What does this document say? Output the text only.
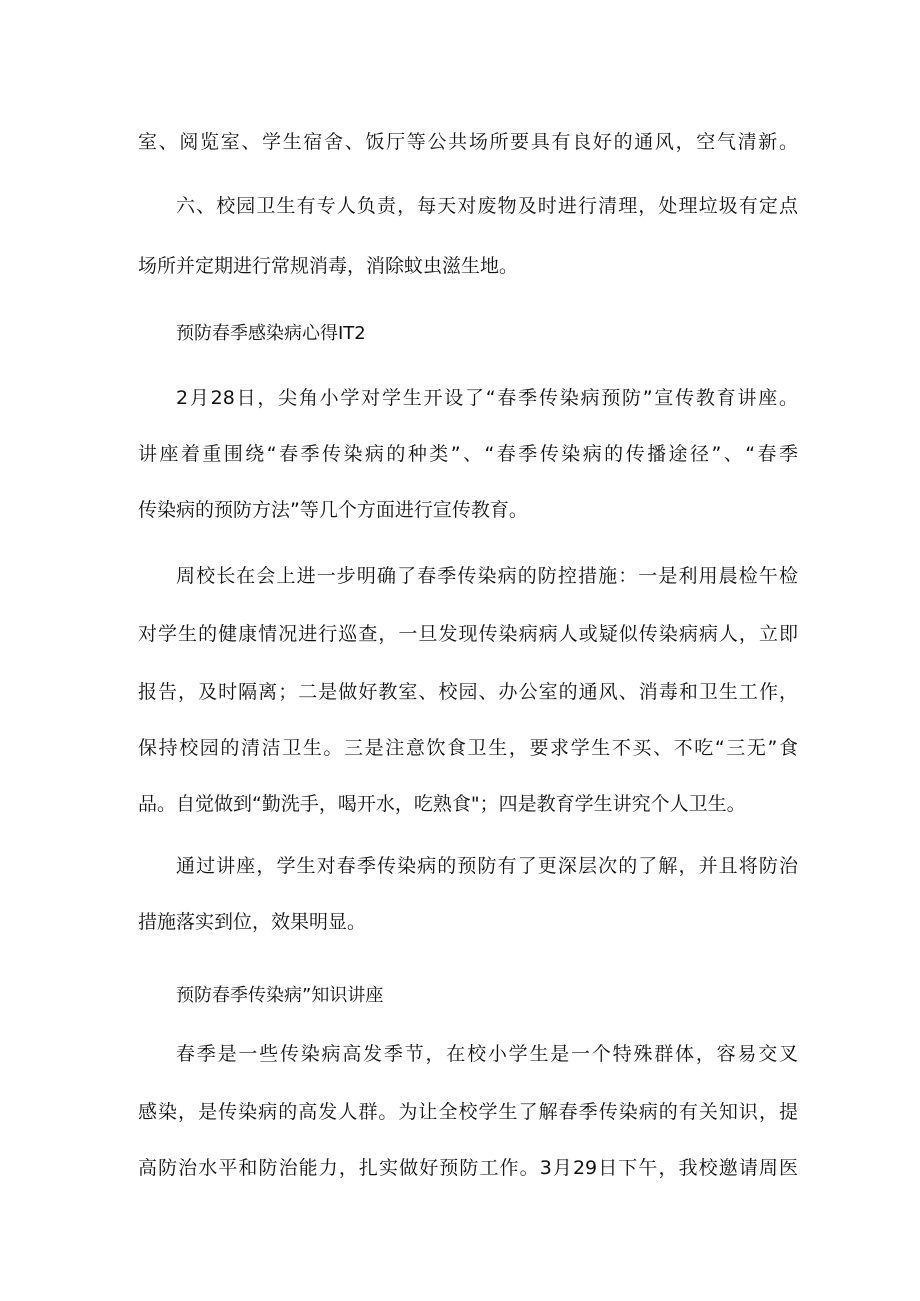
室、阅览室、学生宿舍、饭厅等公共场所要具有良好的通风，空气清新。
六、校园卫生有专人负责，每天对废物及时进行清理，处理垃圾有定点
场所并定期进行常规消毒，消除蚊虫滋生地。
预防春季感染病心得IT2
2月28日，尖角小学对学生开设了“春季传染病预防”宣传教育讲座。
讲座着重围绕“春季传染病的种类”、“春季传染病的传播途径”、“春季
传染病的预防方法”等几个方面进行宣传教育。
周校长在会上进一步明确了春季传染病的防控措施：一是利用晨检午检
对学生的健康情况进行巡查，一旦发现传染病病人或疑似传染病病人，立即
报告，及时隔离；二是做好教室、校园、办公室的通风、消毒和卫生工作，
保持校园的清洁卫生。三是注意饮食卫生，要求学生不买、不吃“三无”食
品。自觉做到“勤洗手，喝开水，吃熟食"；四是教育学生讲究个人卫生。
通过讲座，学生对春季传染病的预防有了更深层次的了解，并且将防治
措施落实到位，效果明显。
预防春季传染病”知识讲座
春季是一些传染病高发季节，在校小学生是一个特殊群体，容易交叉
感染，是传染病的高发人群。为让全校学生了解春季传染病的有关知识，提
高防治水平和防治能力，扎实做好预防工作。3月29日下午，我校邀请周医
